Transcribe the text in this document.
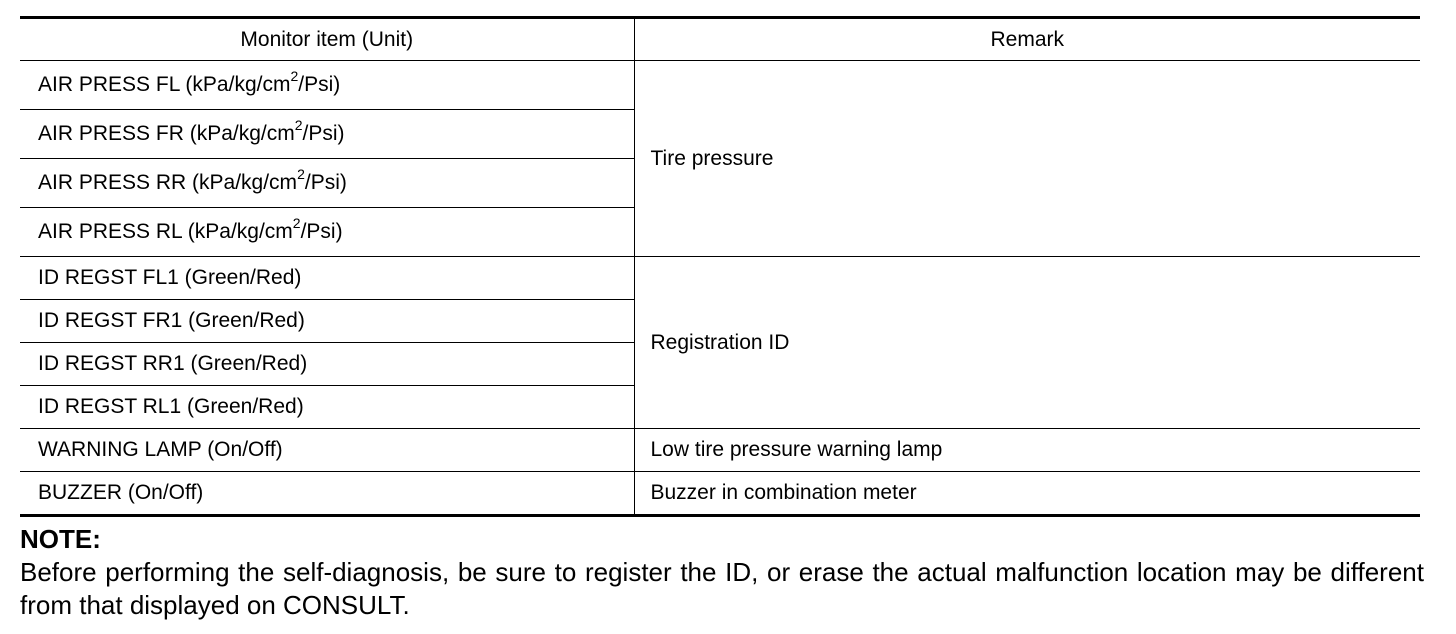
Monitor item (Unit)	Remark
AIR PRESS FL $(kPa/kg/cm^2/Psi)$	Tire pressure
AIR PRESS FR $(kPa/kg/cm^2/Psi)$	
AIR PRESS RR $(kPa/kg/cm^2/Psi)$	
AIR PRESS RL $(kPa/kg/cm^2/Psi)$	
ID REGST FL1 (Green/Red)	Registration ID
ID REGST FR1 (Green/Red)	
ID REGST RR1 (Green/Red)	
ID REGST RL1 (Green/Red)	
WARNING LAMP (On/Off)	Low tire pressure warning lamp
BUZZER (On/Off)	Buzzer in combination meter
NOTE:
Before performing the self-diagnosis, be sure to register the ID, or erase the actual malfunction location may be different from that displayed on CONSULT.
